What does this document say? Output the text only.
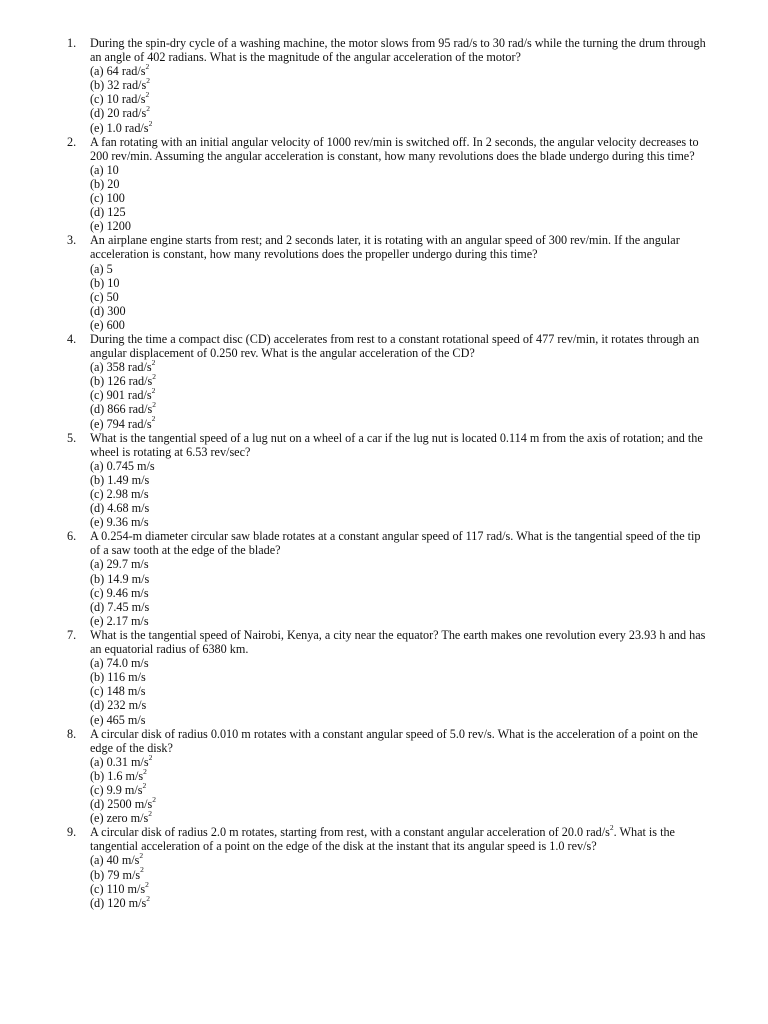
1. During the spin-dry cycle of a washing machine, the motor slows from 95 rad/s to 30 rad/s while the turning the drum through an angle of 402 radians. What is the magnitude of the angular acceleration of the motor?

(a) 64 rad/$s^2$
(b) 32 rad/$s^2$
(c) 10 rad/$s^2$
(d) 20 rad/$s^2$
(e) 1.0 rad/$s^2$
2. A fan rotating with an initial angular velocity of 1000 rev/min is switched off. In 2 seconds, the angular velocity decreases to 200 rev/min. Assuming the angular acceleration is constant, how many revolutions does the blade undergo during this time?

(a) 10
(b) 20
(c) 100
(d) 125
(e) 1200
3. An airplane engine starts from rest; and 2 seconds later, it is rotating with an angular speed of 300 rev/min. If the angular acceleration is constant, how many revolutions does the propeller undergo during this time?

(a) 5
(b) 10
(c) 50
(d) 300
(e) 600
4. During the time a compact disc (CD) accelerates from rest to a constant rotational speed of 477 rev/min, it rotates through an angular displacement of 0.250 rev. What is the angular acceleration of the CD?

(a) 358 rad/$s^2$
(b) 126 rad/$s^2$
(c) 901 rad/$s^2$
(d) 866 rad/$s^2$
(e) 794 rad/$s^2$
5. What is the tangential speed of a lug nut on a wheel of a car if the lug nut is located 0.114 m from the axis of rotation; and the wheel is rotating at 6.53 rev/sec?

(a) 0.745 m/s
(b) 1.49 m/s
(c) 2.98 m/s
(d) 4.68 m/s
(e) 9.36 m/s
6. A 0.254-m diameter circular saw blade rotates at a constant angular speed of 117 rad/s. What is the tangential speed of the tip of a saw tooth at the edge of the blade?

(a) 29.7 m/s
(b) 14.9 m/s
(c) 9.46 m/s
(d) 7.45 m/s
(e) 2.17 m/s
7. What is the tangential speed of Nairobi, Kenya, a city near the equator? The earth makes one revolution every 23.93 h and has an equatorial radius of 6380 km.

(a) 74.0 m/s
(b) 116 m/s
(c) 148 m/s
(d) 232 m/s
(e) 465 m/s
8. A circular disk of radius 0.010 m rotates with a constant angular speed of 5.0 rev/s. What is the acceleration of a point on the edge of the disk?

(a) 0.31 $m/s^2$
(b) 1.6 $m/s^2$
(c) 9.9 $m/s^2$
(d) 2500 $m/s^2$
(e) zero $m/s^2$
9. A circular disk of radius 2.0 m rotates, starting from rest, with a constant angular acceleration of 20.0 rad/$s^2$. What is the tangential acceleration of a point on the edge of the disk at the instant that its angular speed is 1.0 rev/s?

(a) 40 $m/s^2$
(b) 79 $m/s^2$
(c) 110 $m/s^2$
(d) 120 $m/s^2$
